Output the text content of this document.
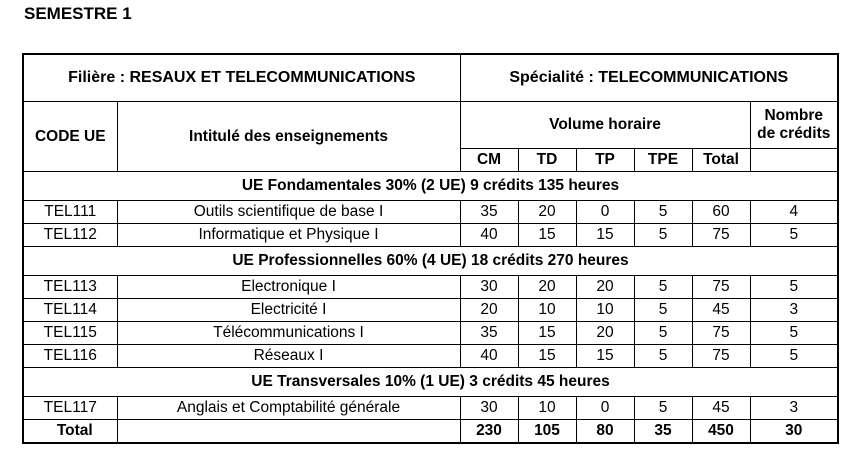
SEMESTRE 1
Filière : RESAUX ET TELECOMMUNICATIONS		Spécialité : TELECOMMUNICATIONS					
CODE UE	Intitulé des enseignements	Volume horaire					Nombre
de crédits
		CM	TD	TP	TPE	Total	
UE Fondamentales 30% (2 UE) 9 crédits 135 heures							
TEL111	Outils scientifique de base I	35	20	0	5	60	4
TEL112	Informatique et Physique I	40	15	15	5	75	5
UE Professionnelles 60% (4 UE) 18 crédits 270 heures							
TEL113	Electronique I	30	20	20	5	75	5
TEL114	Electricité I	20	10	10	5	45	3
TEL115	Télécommunications I	35	15	20	5	75	5
TEL116	Réseaux I	40	15	15	5	75	5
UE Transversales 10% (1 UE) 3 crédits 45 heures							
TEL117	Anglais et Comptabilité générale	30	10	0	5	45	3
Total		230	105	80	35	450	30
